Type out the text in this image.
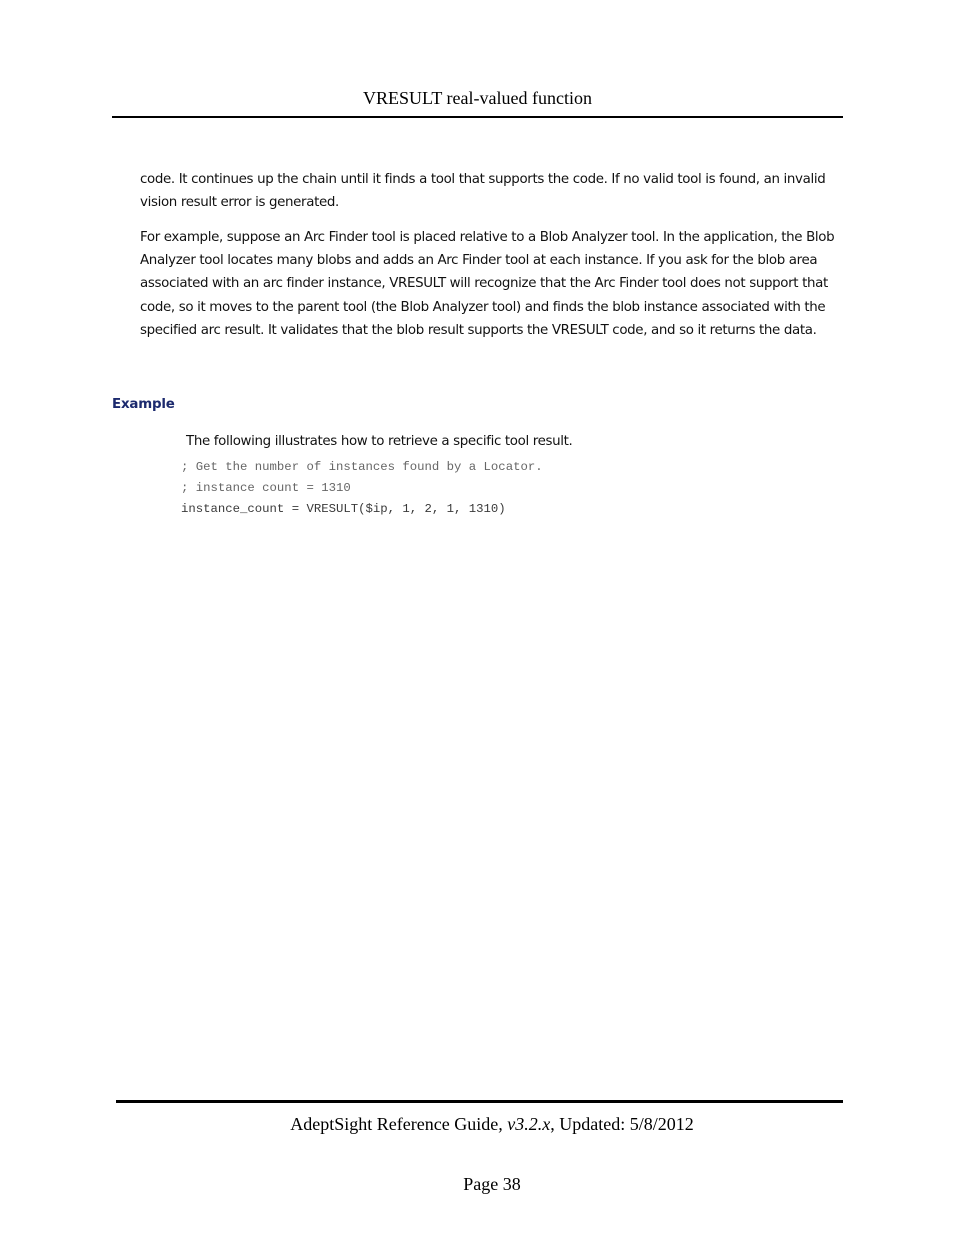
VRESULT real-valued function

code. It continues up the chain until it finds a tool that supports the code. If no valid tool is found, an invalid vision result error is generated.

For example, suppose an Arc Finder tool is placed relative to a Blob Analyzer tool. In the application, the Blob Analyzer tool locates many blobs and adds an Arc Finder tool at each instance. If you ask for the blob area associated with an arc finder instance, VRESULT will recognize that the Arc Finder tool does not support that code, so it moves to the parent tool (the Blob Analyzer tool) and finds the blob instance associated with the specified arc result. It validates that the blob result supports the VRESULT code, and so it returns the data.

Example
The following illustrates how to retrieve a specific tool result.
; Get the number of instances found by a Locator.
; instance count = 1310
instance_count = VRESULT($ip, 1, 2, 1, 1310)
AdeptSight Reference Guide, v3.2.x, Updated: 5/8/2012
Page 38
